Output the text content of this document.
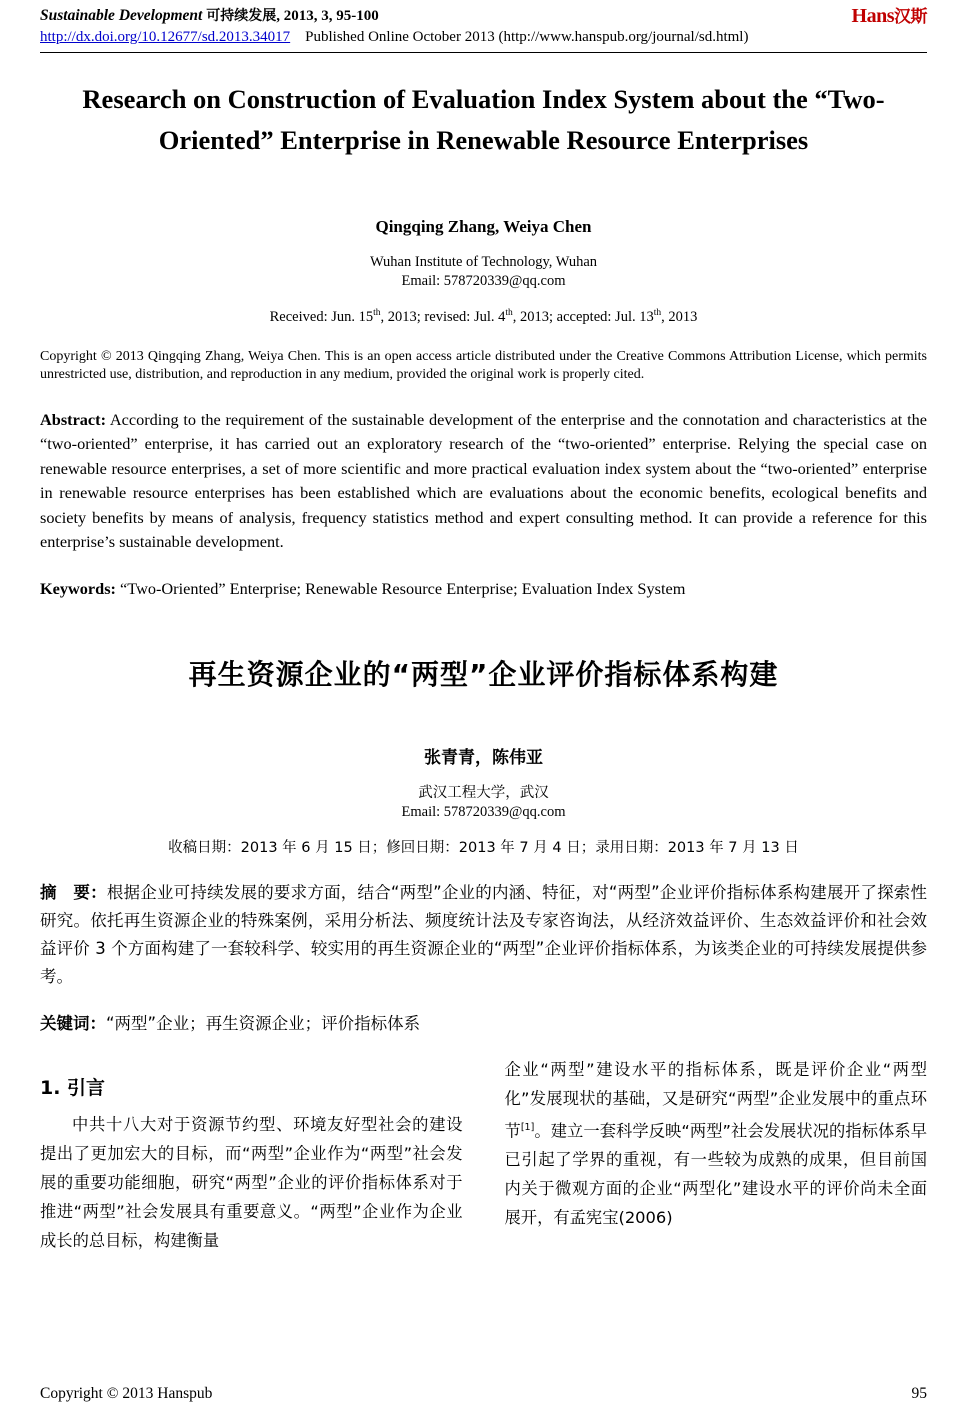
Sustainable Development 可持续发展, 2013, 3, 95-100
http://dx.doi.org/10.12677/sd.2013.34017 Published Online October 2013 (http://www.hanspub.org/journal/sd.html)
Hans汉斯
Research on Construction of Evaluation Index System about the “Two-Oriented” Enterprise in Renewable Resource Enterprises
Qingqing Zhang, Weiya Chen
Wuhan Institute of Technology, Wuhan
Email: 578720339@qq.com
Received: Jun. 15th, 2013; revised: Jul. 4th, 2013; accepted: Jul. 13th, 2013
Copyright © 2013 Qingqing Zhang, Weiya Chen. This is an open access article distributed under the Creative Commons Attribution License, which permits unrestricted use, distribution, and reproduction in any medium, provided the original work is properly cited.
Abstract: According to the requirement of the sustainable development of the enterprise and the connotation and characteristics at the “two-oriented” enterprise, it has carried out an exploratory research of the “two-oriented” enterprise. Relying the special case on renewable resource enterprises, a set of more scientific and more practical evaluation index system about the “two-oriented” enterprise in renewable resource enterprises has been established which are evaluations about the economic benefits, ecological benefits and society benefits by means of analysis, frequency statistics method and expert consulting method. It can provide a reference for this enterprise’s sustainable development.
Keywords: “Two-Oriented” Enterprise; Renewable Resource Enterprise; Evaluation Index System
再生资源企业的“两型”企业评价指标体系构建
张青青，陈伟亚
武汉工程大学，武汉
Email: 578720339@qq.com
收稿日期：2013 年 6 月 15 日；修回日期：2013 年 7 月 4 日；录用日期：2013 年 7 月 13 日
摘　要：根据企业可持续发展的要求方面，结合“两型”企业的内涵、特征，对“两型”企业评价指标体系构建展开了探索性研究。依托再生资源企业的特殊案例，采用分析法、频度统计法及专家咨询法，从经济效益评价、生态效益评价和社会效益评价 3 个方面构建了一套较科学、较实用的再生资源企业的“两型”企业评价指标体系，为该类企业的可持续发展提供参考。
关键词：“两型”企业；再生资源企业；评价指标体系
1. 引言

中共十八大对于资源节约型、环境友好型社会的建设提出了更加宏大的目标，而“两型”企业作为“两型”社会发展的重要功能细胞，研究“两型”企业的评价指标体系对于推进“两型”社会发展具有重要意义。“两型”企业作为企业成长的总目标，构建衡量

企业“两型”建设水平的指标体系，既是评价企业“两型化”发展现状的基础，又是研究“两型”企业发展中的重点环节[1]。建立一套科学反映“两型”社会发展状况的指标体系早已引起了学界的重视，有一些较为成熟的成果，但目前国内关于微观方面的企业“两型化”建设水平的评价尚未全面展开，有孟宪宝(2006)

Copyright © 2013 Hanspub	95
